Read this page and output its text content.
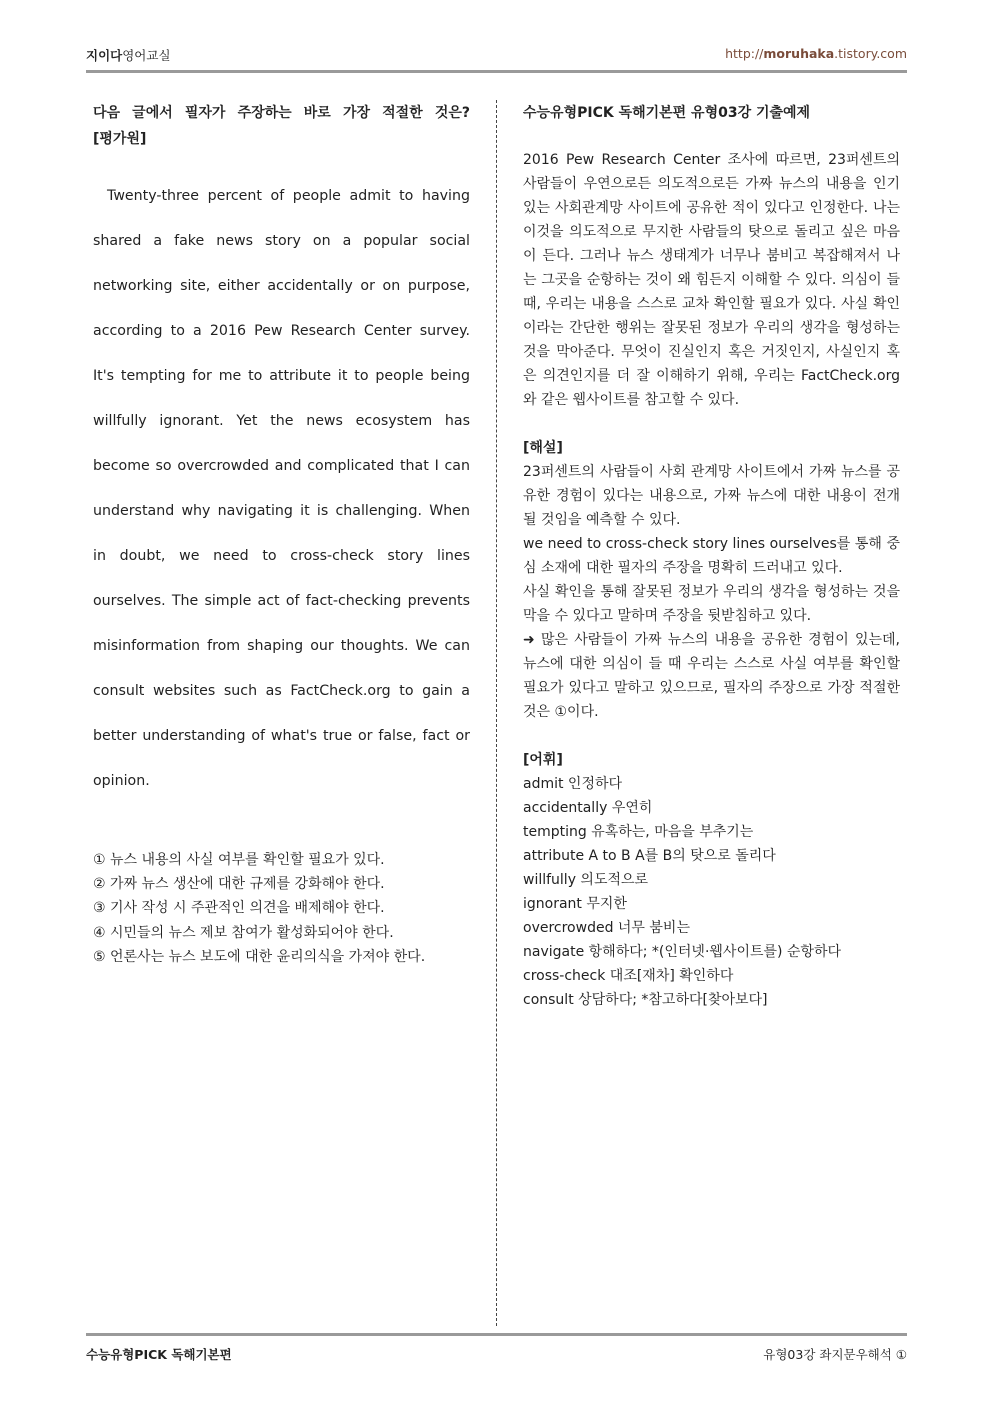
지이다영어교실	http://moruhaka.tistory.com
다음 글에서 필자가 주장하는 바로 가장 적절한 것은? [평가원]

Twenty-three percent of people admit to having shared a fake news story on a popular social networking site, either accidentally or on purpose, according to a 2016 Pew Research Center survey. It's tempting for me to attribute it to people being willfully ignorant. Yet the news ecosystem has become so overcrowded and complicated that I can understand why navigating it is challenging. When in doubt, we need to cross-check story lines ourselves. The simple act of fact-checking prevents misinformation from shaping our thoughts. We can consult websites such as FactCheck.org to gain a better understanding of what's true or false, fact or opinion.

① 뉴스 내용의 사실 여부를 확인할 필요가 있다.
② 가짜 뉴스 생산에 대한 규제를 강화해야 한다.
③ 기사 작성 시 주관적인 의견을 배제해야 한다.
④ 시민들의 뉴스 제보 참여가 활성화되어야 한다.
⑤ 언론사는 뉴스 보도에 대한 윤리의식을 가져야 한다.
수능유형PICK 독해기본편 유형03강 기출예제

2016 Pew Research Center 조사에 따르면, 23퍼센트의 사람들이 우연으로든 의도적으로든 가짜 뉴스의 내용을 인기 있는 사회관계망 사이트에 공유한 적이 있다고 인정한다. 나는 이것을 의도적으로 무지한 사람들의 탓으로 돌리고 싶은 마음이 든다. 그러나 뉴스 생태계가 너무나 붐비고 복잡해져서 나는 그곳을 순항하는 것이 왜 힘든지 이해할 수 있다. 의심이 들 때, 우리는 내용을 스스로 교차 확인할 필요가 있다. 사실 확인이라는 간단한 행위는 잘못된 정보가 우리의 생각을 형성하는 것을 막아준다. 무엇이 진실인지 혹은 거짓인지, 사실인지 혹은 의견인지를 더 잘 이해하기 위해, 우리는 FactCheck.org와 같은 웹사이트를 참고할 수 있다.

[해설]

23퍼센트의 사람들이 사회 관계망 사이트에서 가짜 뉴스를 공유한 경험이 있다는 내용으로, 가짜 뉴스에 대한 내용이 전개될 것임을 예측할 수 있다.

we need to cross-check story lines ourselves를 통해 중심 소재에 대한 필자의 주장을 명확히 드러내고 있다.

사실 확인을 통해 잘못된 정보가 우리의 생각을 형성하는 것을 막을 수 있다고 말하며 주장을 뒷받침하고 있다.

➜ 많은 사람들이 가짜 뉴스의 내용을 공유한 경험이 있는데, 뉴스에 대한 의심이 들 때 우리는 스스로 사실 여부를 확인할 필요가 있다고 말하고 있으므로, 필자의 주장으로 가장 적절한 것은 ①이다.

[어휘]
admit 인정하다
accidentally 우연히
tempting 유혹하는, 마음을 부추기는
attribute A to B A를 B의 탓으로 돌리다
willfully 의도적으로
ignorant 무지한
overcrowded 너무 붐비는
navigate 항해하다; *(인터넷·웹사이트를) 순항하다
cross-check 대조[재차] 확인하다
consult 상담하다; *참고하다[찾아보다]
수능유형PICK 독해기본편	유형03강 좌지문우해석 ①
